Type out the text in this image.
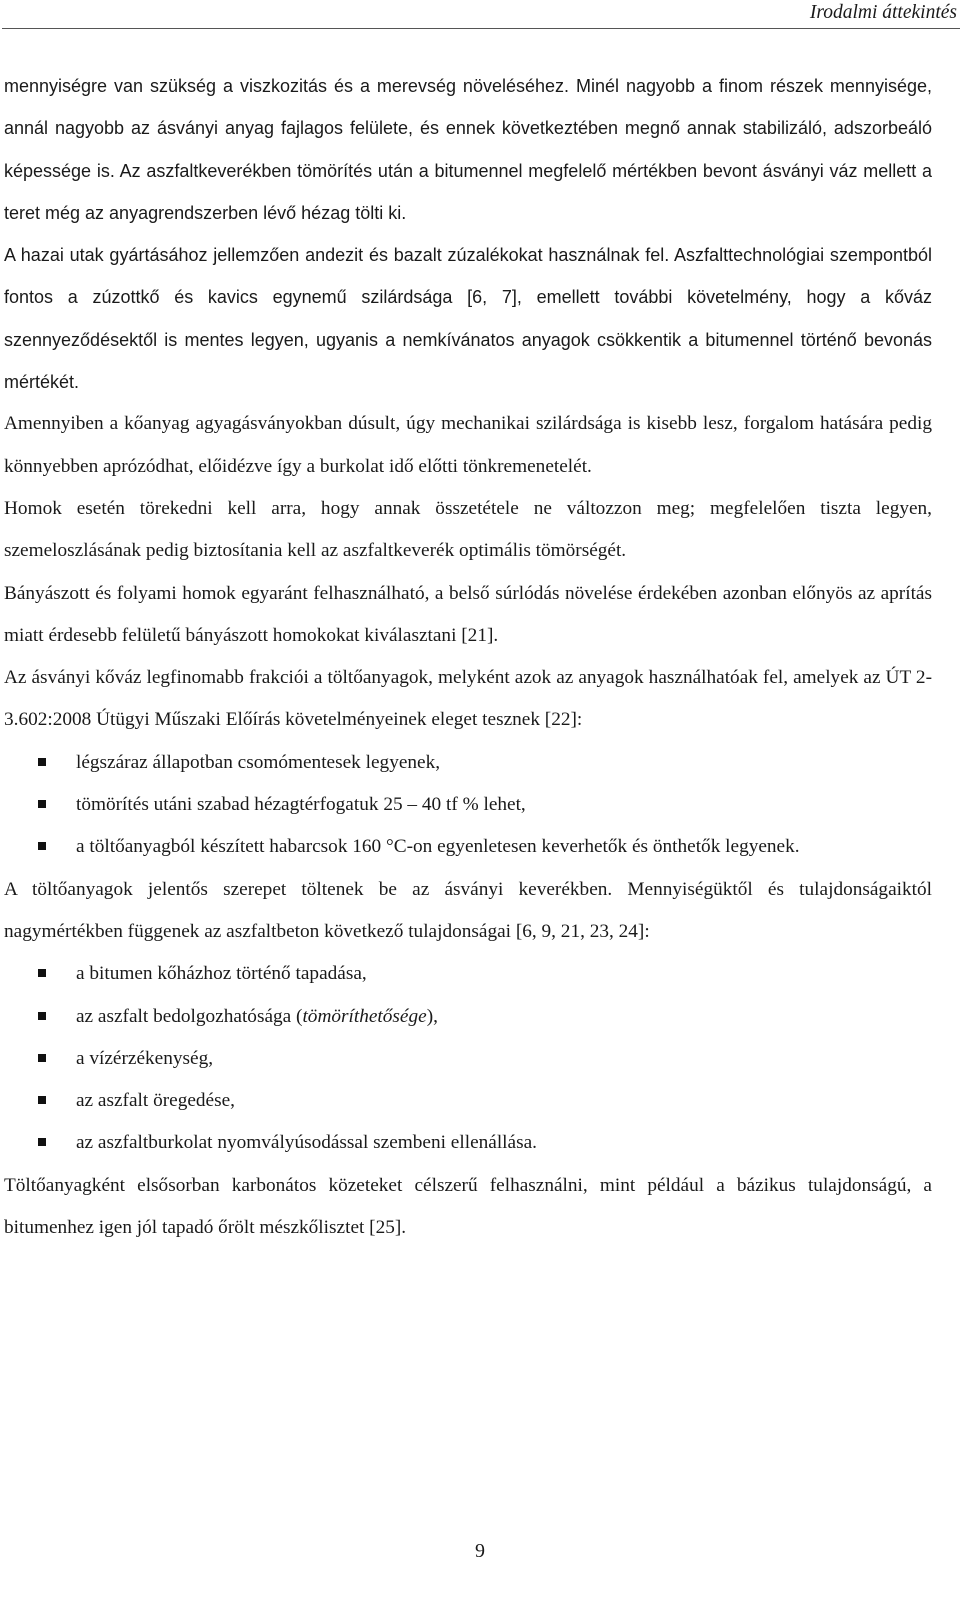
Irodalmi áttekintés

mennyiségre van szükség a viszkozitás és a merevség növeléséhez. Minél nagyobb a finom részek mennyisége, annál nagyobb az ásványi anyag fajlagos felülete, és ennek következtében megnő annak stabilizáló, adszorbeáló képessége is. Az aszfaltkeverékben tömörítés után a bitumennel megfelelő mértékben bevont ásványi váz mellett a teret még az anyagrendszerben lévő hézag tölti ki.

A hazai utak gyártásához jellemzően andezit és bazalt zúzalékokat használnak fel. Aszfalttechnológiai szempontból fontos a zúzottkő és kavics egynemű szilárdsága [6, 7], emellett további követelmény, hogy a kőváz szennyeződésektől is mentes legyen, ugyanis a nemkívánatos anyagok csökkentik a bitumennel történő bevonás mértékét.

Amennyiben a kőanyag agyagásványokban dúsult, úgy mechanikai szilárdsága is kisebb lesz, forgalom hatására pedig könnyebben aprózódhat, előidézve így a burkolat idő előtti tönkremenetelét.

Homok esetén törekedni kell arra, hogy annak összetétele ne változzon meg; megfelelően tiszta legyen, szemeloszlásának pedig biztosítania kell az aszfaltkeverék optimális tömörségét.

Bányászott és folyami homok egyaránt felhasználható, a belső súrlódás növelése érdekében azonban előnyös az aprítás miatt érdesebb felületű bányászott homokokat kiválasztani [21].

Az ásványi kőváz legfinomabb frakciói a töltőanyagok, melyként azok az anyagok használhatóak fel, amelyek az ÚT 2-3.602:2008 Útügyi Műszaki Előírás követelményeinek eleget tesznek [22]:

légszáraz állapotban csomómentesek legyenek,
tömörítés utáni szabad hézagtérfogatuk 25 – 40 tf % lehet,
a töltőanyagból készített habarcsok 160 °C-on egyenletesen keverhetők és önthetők legyenek.

A töltőanyagok jelentős szerepet töltenek be az ásványi keverékben. Mennyiségüktől és tulajdonságaiktól nagymértékben függenek az aszfaltbeton következő tulajdonságai [6, 9, 21, 23, 24]:

a bitumen kőházhoz történő tapadása,
az aszfalt bedolgozhatósága (tömöríthetősége),
a vízérzékenység,
az aszfalt öregedése,
az aszfaltburkolat nyomvályúsodással szembeni ellenállása.

Töltőanyagként elsősorban karbonátos közeteket célszerű felhasználni, mint például a bázikus tulajdonságú, a bitumenhez igen jól tapadó őrölt mészkőlisztet [25].

9
